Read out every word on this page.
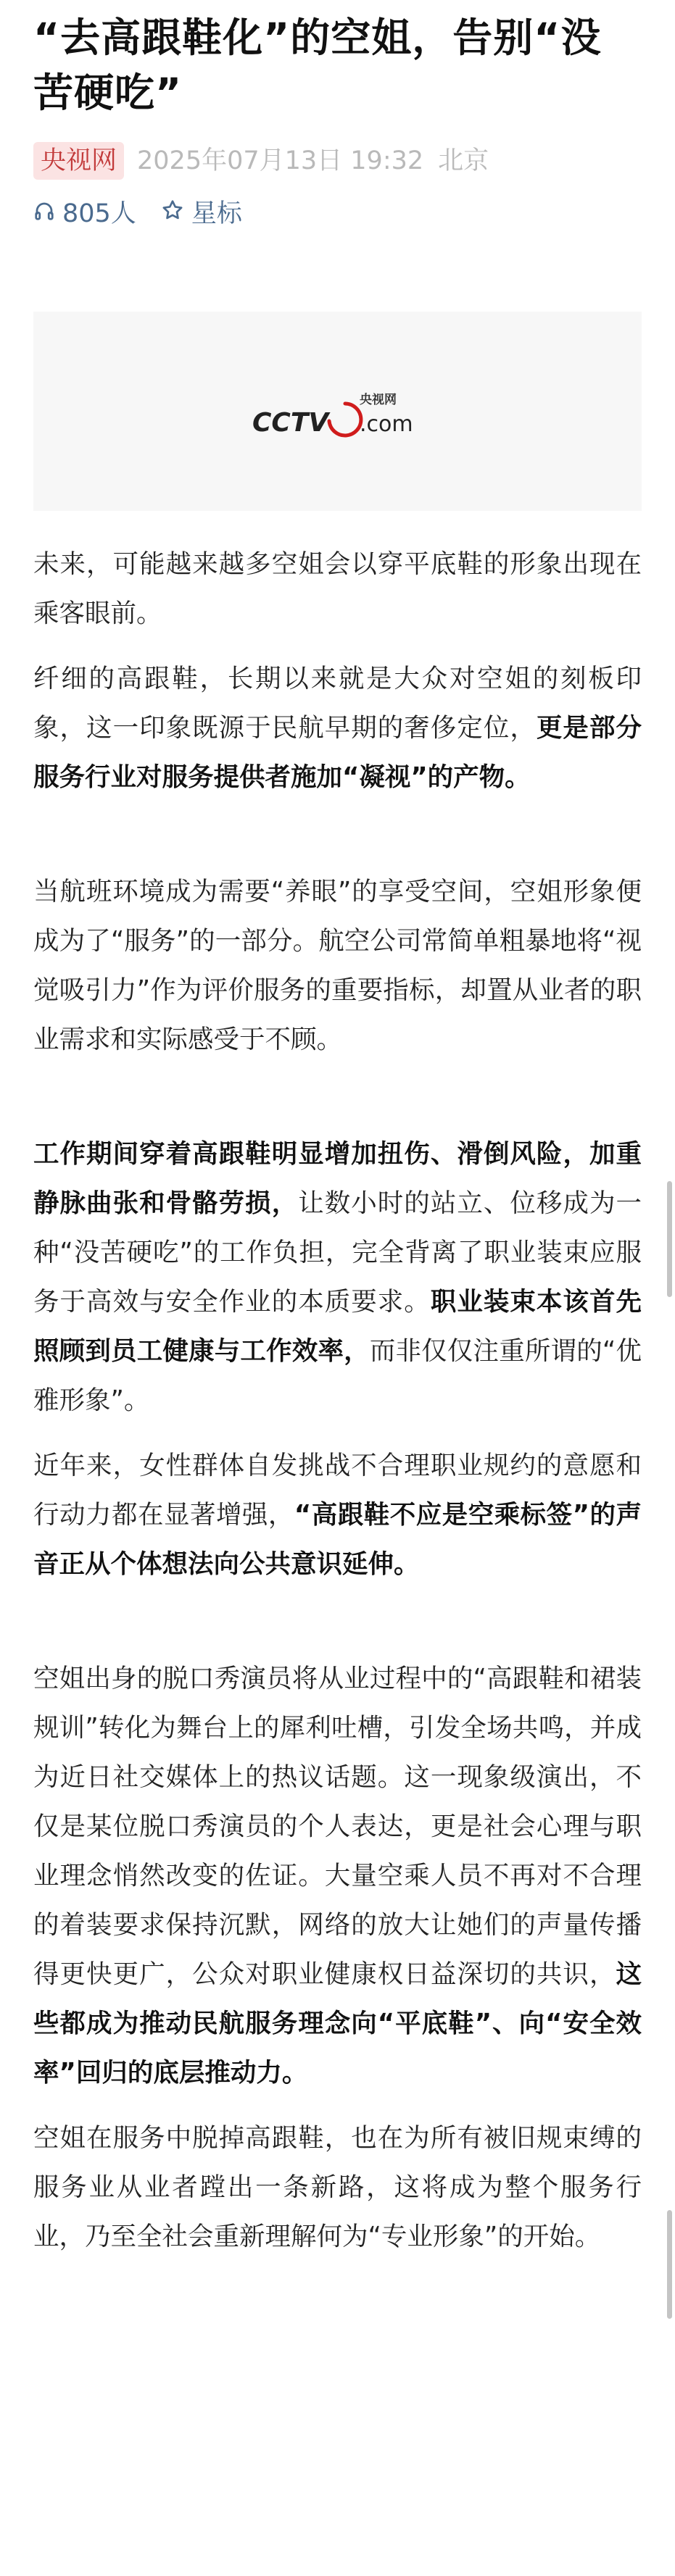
“去高跟鞋化”的空姐，告别“没苦硬吃”
央视网 2025年07月13日 19:32 北京
805人 星标
央视网
CCTV .com

未来，可能越来越多空姐会以穿平底鞋的形象出现在乘客眼前。

纤细的高跟鞋，长期以来就是大众对空姐的刻板印象，这一印象既源于民航早期的奢侈定位，更是部分服务行业对服务提供者施加“凝视”的产物。

当航班环境成为需要“养眼”的享受空间，空姐形象便成为了“服务”的一部分。航空公司常简单粗暴地将“视觉吸引力”作为评价服务的重要指标，却置从业者的职业需求和实际感受于不顾。

工作期间穿着高跟鞋明显增加扭伤、滑倒风险，加重静脉曲张和骨骼劳损，让数小时的站立、位移成为一种“没苦硬吃”的工作负担，完全背离了职业装束应服务于高效与安全作业的本质要求。职业装束本该首先照顾到员工健康与工作效率，而非仅仅注重所谓的“优雅形象”。

近年来，女性群体自发挑战不合理职业规约的意愿和行动力都在显著增强，“高跟鞋不应是空乘标签”的声音正从个体想法向公共意识延伸。

空姐出身的脱口秀演员将从业过程中的“高跟鞋和裙装规训”转化为舞台上的犀利吐槽，引发全场共鸣，并成为近日社交媒体上的热议话题。这一现象级演出，不仅是某位脱口秀演员的个人表达，更是社会心理与职业理念悄然改变的佐证。大量空乘人员不再对不合理的着装要求保持沉默，网络的放大让她们的声量传播得更快更广，公众对职业健康权日益深切的共识，这些都成为推动民航服务理念向“平底鞋”、向“安全效率”回归的底层推动力。

空姐在服务中脱掉高跟鞋，也在为所有被旧规束缚的服务业从业者蹚出一条新路，这将成为整个服务行业，乃至全社会重新理解何为“专业形象”的开始。
